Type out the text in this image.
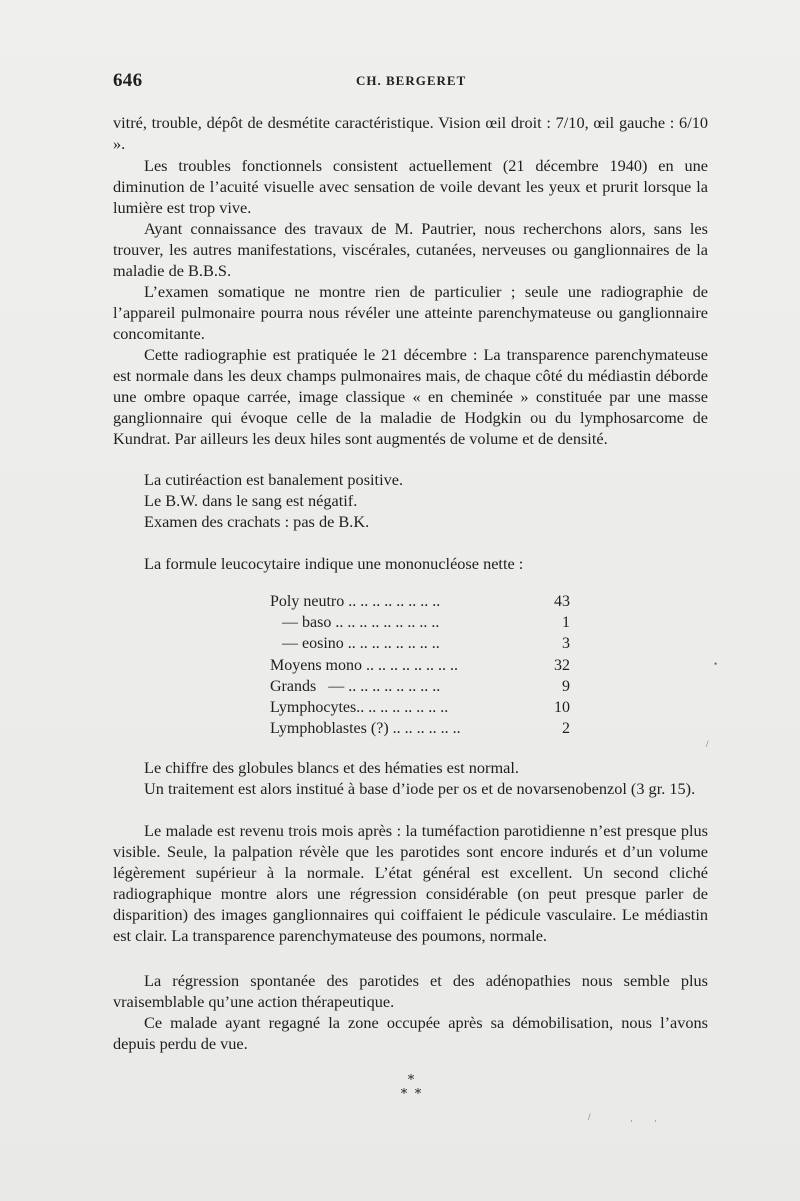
646	CH. BERGERET

vitré, trouble, dépôt de desmétite caractéristique. Vision œil droit : 7/10, œil gauche : 6/10 ».

Les troubles fonctionnels consistent actuellement (21 décembre 1940) en une diminution de l’acuité visuelle avec sensation de voile devant les yeux et prurit lorsque la lumière est trop vive.

Ayant connaissance des travaux de M. Pautrier, nous recherchons alors, sans les trouver, les autres manifestations, viscérales, cutanées, nerveuses ou ganglionnaires de la maladie de B.B.S.

L’examen somatique ne montre rien de particulier ; seule une radiographie de l’appareil pulmonaire pourra nous révéler une atteinte parenchymateuse ou ganglionnaire concomitante.

Cette radiographie est pratiquée le 21 décembre : La transparence parenchymateuse est normale dans les deux champs pulmonaires mais, de chaque côté du médiastin déborde une ombre opaque carrée, image classique « en cheminée » constituée par une masse ganglionnaire qui évoque celle de la maladie de Hodgkin ou du lymphosarcome de Kundrat. Par ailleurs les deux hiles sont augmentés de volume et de densité.

La cutiréaction est banalement positive.

Le B.W. dans le sang est négatif.

Examen des crachats : pas de B.K.

La formule leucocytaire indique une mononucléose nette :

Poly neutro .. .. .. .. .. .. .. ..	43
— baso .. .. .. .. .. .. .. .. ..	1
— eosino .. .. .. .. .. .. .. ..	3
Moyens mono .. .. .. .. .. .. .. ..	32
Grands   — .. .. .. .. .. .. .. ..	9
Lymphocytes.. .. .. .. .. .. .. ..	10
Lymphoblastes (?) .. .. .. .. .. ..	2

Le chiffre des globules blancs et des hématies est normal.

Un traitement est alors institué à base d’iode per os et de novarsenobenzol (3 gr. 15).

Le malade est revenu trois mois après : la tuméfaction parotidienne n’est presque plus visible. Seule, la palpation révèle que les parotides sont encore indurés et d’un volume légèrement supérieur à la normale. L’état général est excellent. Un second cliché radiographique montre alors une régression considérable (on peut presque parler de disparition) des images ganglionnaires qui coiffaient le pédicule vasculaire. Le médiastin est clair. La transparence parenchymateuse des poumons, normale.

La régression spontanée des parotides et des adénopathies nous semble plus vraisemblable qu’une action thérapeutique.

Ce malade ayant regagné la zone occupée après sa démobilisation, nous l’avons depuis perdu de vue.

*
* *
•
/
/	· ·
